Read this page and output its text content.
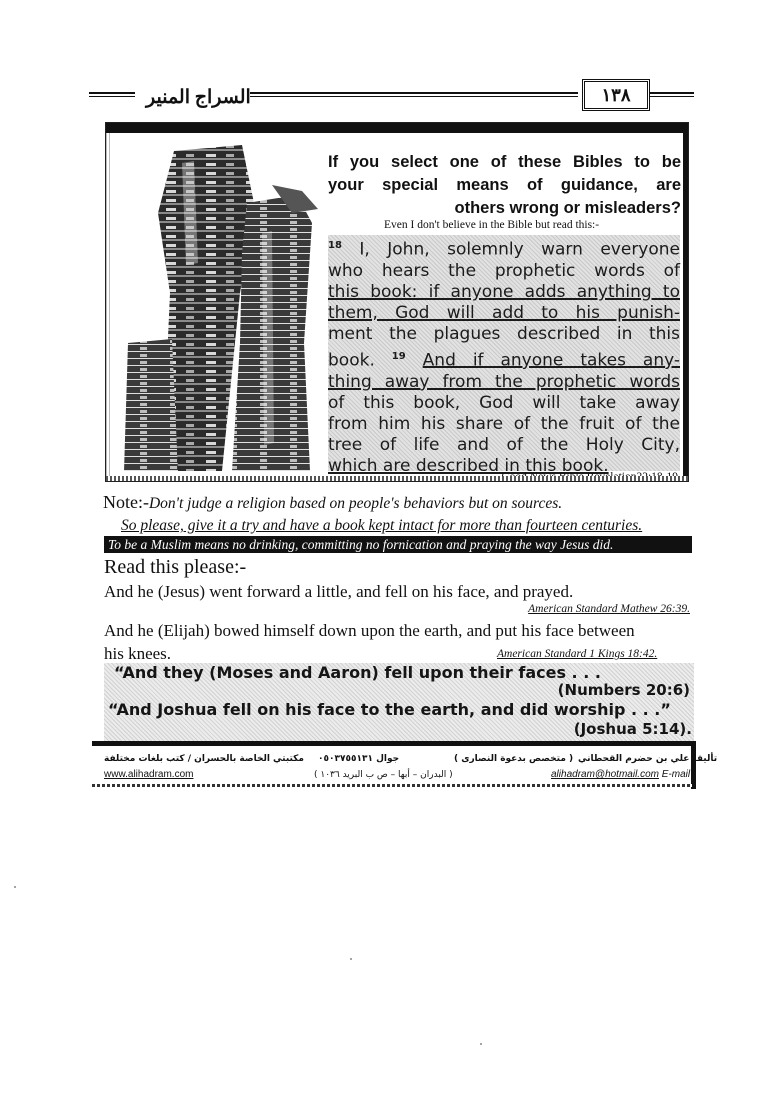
السراج المنير	١٣٨
If you select one of these Bibles to be
your special means of guidance, are
others wrong or misleaders?
Even I don't believe in the Bible but read this:-
$^{18}$ I, John, solemnly warn everyone
who hears the prophetic words of
this book: if anyone adds anything to
them, God will add to his punish-
ment the plagues described in this
book. $^{19}$ And if anyone takes any-
thing away from the prophetic words
of this book, God will take away
from him his share of the fruit of the
tree of life and of the Holy City,
which are described in this book.
Note:-Don't judge a religion based on people's behaviors but on sources.
So please, give it a try and have a book kept intact for more than fourteen centuries.
To be a Muslim means no drinking, committing no fornication and praying the way Jesus did.
Read this please:-
And he (Jesus) went forward a little, and fell on his face, and prayed.
American Standard Mathew 26:39.
And he (Elijah) bowed himself down upon the earth, and put his face between
his knees.	American Standard 1 Kings 18:42.
“And they (Moses and Aaron) fell upon their faces . . .
(Numbers 20:6)
“And Joshua fell on his face to the earth, and did worship . . .”
(Joshua 5:14).
مكتبتي الخاصة بالحسران / كتب بلغات مختلفة جوال ٠٥٠٣٧٥٥١٣١	( متخصص بدعوة النصارى ) تأليف علي بن حضرم القحطاني
www.alihadram.com	( البدران – أبها – ص ب البريد ١٠٣٦ )	alihadram@hotmail.com E-mail
